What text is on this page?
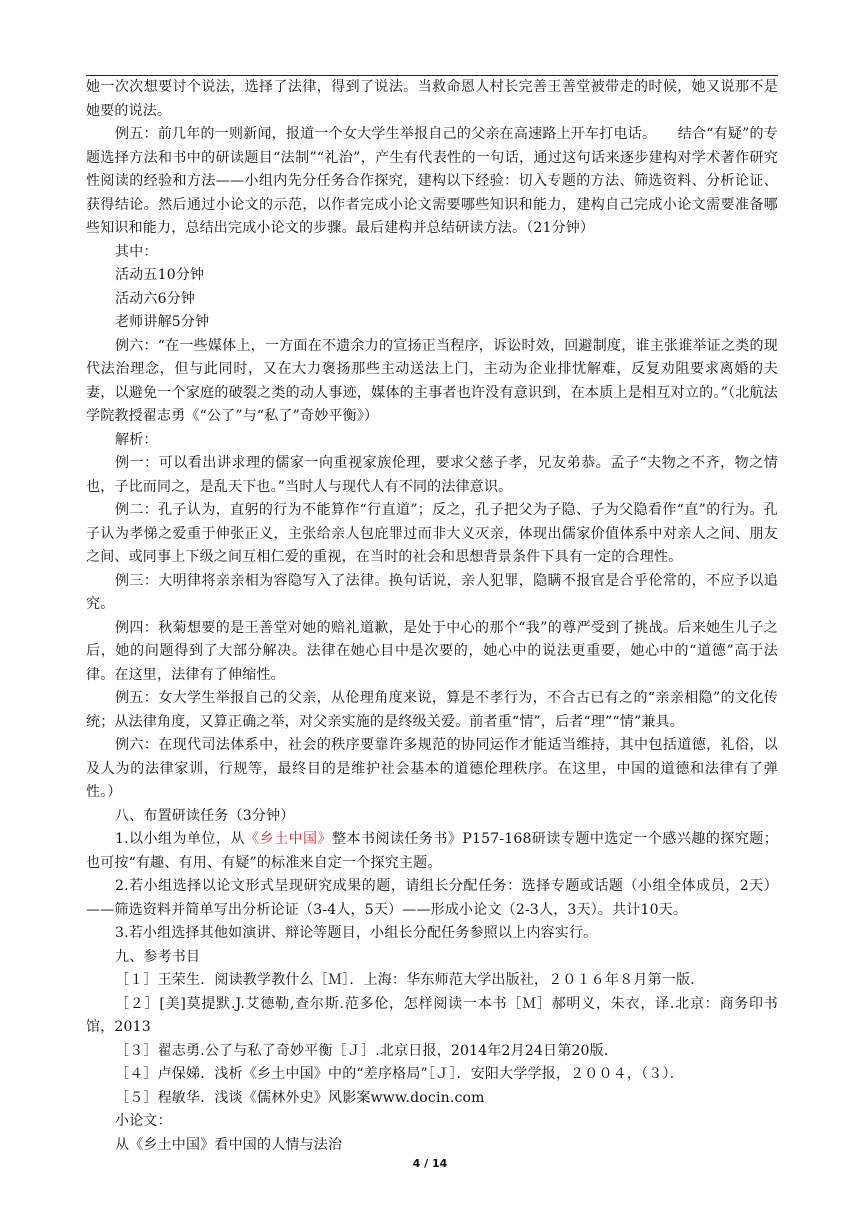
她一次次想要讨个说法，选择了法律，得到了说法。当救命恩人村长完善王善堂被带走的时候，她又说那不是她要的说法。

例五：前几年的一则新闻，报道一个女大学生举报自己的父亲在高速路上开车打电话。　　结合“有疑”的专题选择方法和书中的研读题目“法制”“礼治”，产生有代表性的一句话，通过这句话来逐步建构对学术著作研究性阅读的经验和方法——小组内先分任务合作探究，建构以下经验：切入专题的方法、筛选资料、分析论证、获得结论。然后通过小论文的示范，以作者完成小论文需要哪些知识和能力，建构自己完成小论文需要准备哪些知识和能力，总结出完成小论文的步骤。最后建构并总结研读方法。（21分钟）

其中：

活动五10分钟

活动六6分钟

老师讲解5分钟

例六：“在一些媒体上，一方面在不遗余力的宣扬正当程序，诉讼时效，回避制度，谁主张谁举证之类的现代法治理念，但与此同时，又在大力褒扬那些主动送法上门，主动为企业排忧解难，反复劝阻要求离婚的夫妻，以避免一个家庭的破裂之类的动人事迹，媒体的主事者也许没有意识到，在本质上是相互对立的。”（北航法学院教授翟志勇《“公了”与“私了”奇妙平衡》）

解析：

例一：可以看出讲求理的儒家一向重视家族伦理，要求父慈子孝，兄友弟恭。孟子“夫物之不齐，物之情也，子比而同之，是乱天下也。”当时人与现代人有不同的法律意识。

例二：孔子认为，直躬的行为不能算作“行直道”；反之，孔子把父为子隐、子为父隐看作“直”的行为。孔子认为孝悌之爱重于伸张正义，主张给亲人包庇罪过而非大义灭亲，体现出儒家价值体系中对亲人之间、朋友之间、或同事上下级之间互相仁爱的重视，在当时的社会和思想背景条件下具有一定的合理性。

例三：大明律将亲亲相为容隐写入了法律。换句话说，亲人犯罪，隐瞒不报官是合乎伦常的，不应予以追究。

例四：秋菊想要的是王善堂对她的赔礼道歉，是处于中心的那个“我”的尊严受到了挑战。后来她生儿子之后，她的问题得到了大部分解决。法律在她心目中是次要的，她心中的说法更重要，她心中的“道德”高于法律。在这里，法律有了伸缩性。

例五：女大学生举报自己的父亲，从伦理角度来说，算是不孝行为，不合古已有之的“亲亲相隐”的文化传统；从法律角度，又算正确之举，对父亲实施的是终级关爱。前者重“情”，后者“理”“情”兼具。

例六：在现代司法体系中，社会的秩序要靠许多规范的协同运作才能适当维持，其中包括道德，礼俗，以及人为的法律家训，行规等，最终目的是维护社会基本的道德伦理秩序。在这里，中国的道德和法律有了弹性。）

八、布置研读任务（3分钟）

1.以小组为单位，从《乡土中国》整本书阅读任务书》P157-168研读专题中选定一个感兴趣的探究题；也可按“有趣、有用、有疑”的标准来自定一个探究主题。

2.若小组选择以论文形式呈现研究成果的题，请组长分配任务：选择专题或话题（小组全体成员，2天）——筛选资料并简单写出分析论证（3-4人，5天）——形成小论文（2-3人，3天）。共计10天。

3.若小组选择其他如演讲、辩论等题目，小组长分配任务参照以上内容实行。

九、参考书目

［１］王荣生．阅读教学教什么［Ｍ］．上海：华东师范大学出版社，２０１６年８月第一版．

［２］[美]莫提默.J.艾德勒,查尔斯.范多伦，怎样阅读一本书［Ｍ］郝明义，朱衣，译.北京：商务印书馆，2013

［３］翟志勇.公了与私了奇妙平衡［Ｊ］.北京日报，2014年2月24日第20版.

［４］卢保娣．浅析《乡土中国》中的“差序格局”［Ｊ］．安阳大学学报，２００４，（３）．

［５］程敏华．浅谈《儒林外史》风影案www.docin.com

小论文：

从《乡土中国》看中国的人情与法治

4 / 14
